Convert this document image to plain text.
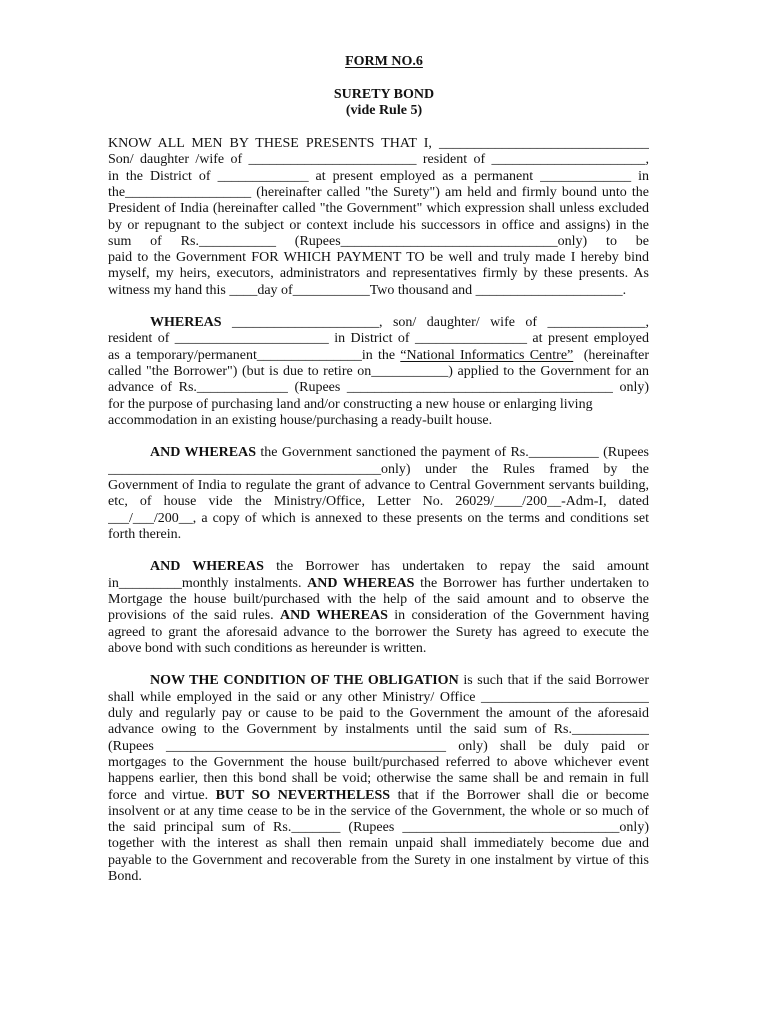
FORM NO.6
SURETY BOND
(vide Rule 5)
KNOW ALL MEN BY THESE PRESENTS THAT I, ______________________________
Son/ daughter /wife of ________________________ resident of ______________________,
in the District of _____________ at present employed as a permanent _____________ in
the__________________ (hereinafter called "the Surety") am held and firmly bound unto the
President of India (hereinafter called "the Government" which expression shall unless excluded
by or repugnant to the subject or context include his successors in office and assigns) in the
sum of Rs.___________ (Rupees_______________________________only) to be
paid to the Government FOR WHICH PAYMENT TO be well and truly made I hereby bind
myself, my heirs, executors, administrators and representatives firmly by these presents. As
witness my hand this ____day of___________Two thousand and _____________________.
WHEREAS _____________________, son/ daughter/ wife of ______________,
resident of ______________________ in District of ________________ at present employed
as a temporary/permanent_______________in the “National Informatics Centre”  (hereinafter
called "the Borrower") (but is due to retire on___________) applied to the Government for an
advance of Rs._____________ (Rupees ______________________________________ only)
for the purpose of purchasing land and/or constructing a new house or enlarging living
accommodation in an existing house/purchasing a ready-built house.
AND WHEREAS the Government sanctioned the payment of Rs.__________ (Rupees
_______________________________________only) under the Rules framed by the
Government of India to regulate the grant of advance to Central Government servants building,
etc, of house vide the Ministry/Office, Letter No. 26029/____/200__-Adm-I, dated
___/___/200__, a copy of which is annexed to these presents on the terms and conditions set
forth therein.
AND WHEREAS the Borrower has undertaken to repay the said amount
in_________monthly instalments. AND WHEREAS the Borrower has further undertaken to
Mortgage the house built/purchased with the help of the said amount and to observe the
provisions of the said rules. AND WHEREAS in consideration of the Government having
agreed to grant the aforesaid advance to the borrower the Surety has agreed to execute the
above bond with such conditions as hereunder is written.
NOW THE CONDITION OF THE OBLIGATION is such that if the said Borrower
shall while employed in the said or any other Ministry/ Office ________________________
duly and regularly pay or cause to be paid to the Government the amount of the aforesaid
advance owing to the Government by instalments until the said sum of Rs.___________
(Rupees ________________________________________ only) shall be duly paid or
mortgages to the Government the house built/purchased referred to above whichever event
happens earlier, then this bond shall be void; otherwise the same shall be and remain in full
force and virtue. BUT SO NEVERTHELESS that if the Borrower shall die or become
insolvent or at any time cease to be in the service of the Government, the whole or so much of
the said principal sum of Rs._______ (Rupees _______________________________only)
together with the interest as shall then remain unpaid shall immediately become due and
payable to the Government and recoverable from the Surety in one instalment by virtue of this
Bond.
